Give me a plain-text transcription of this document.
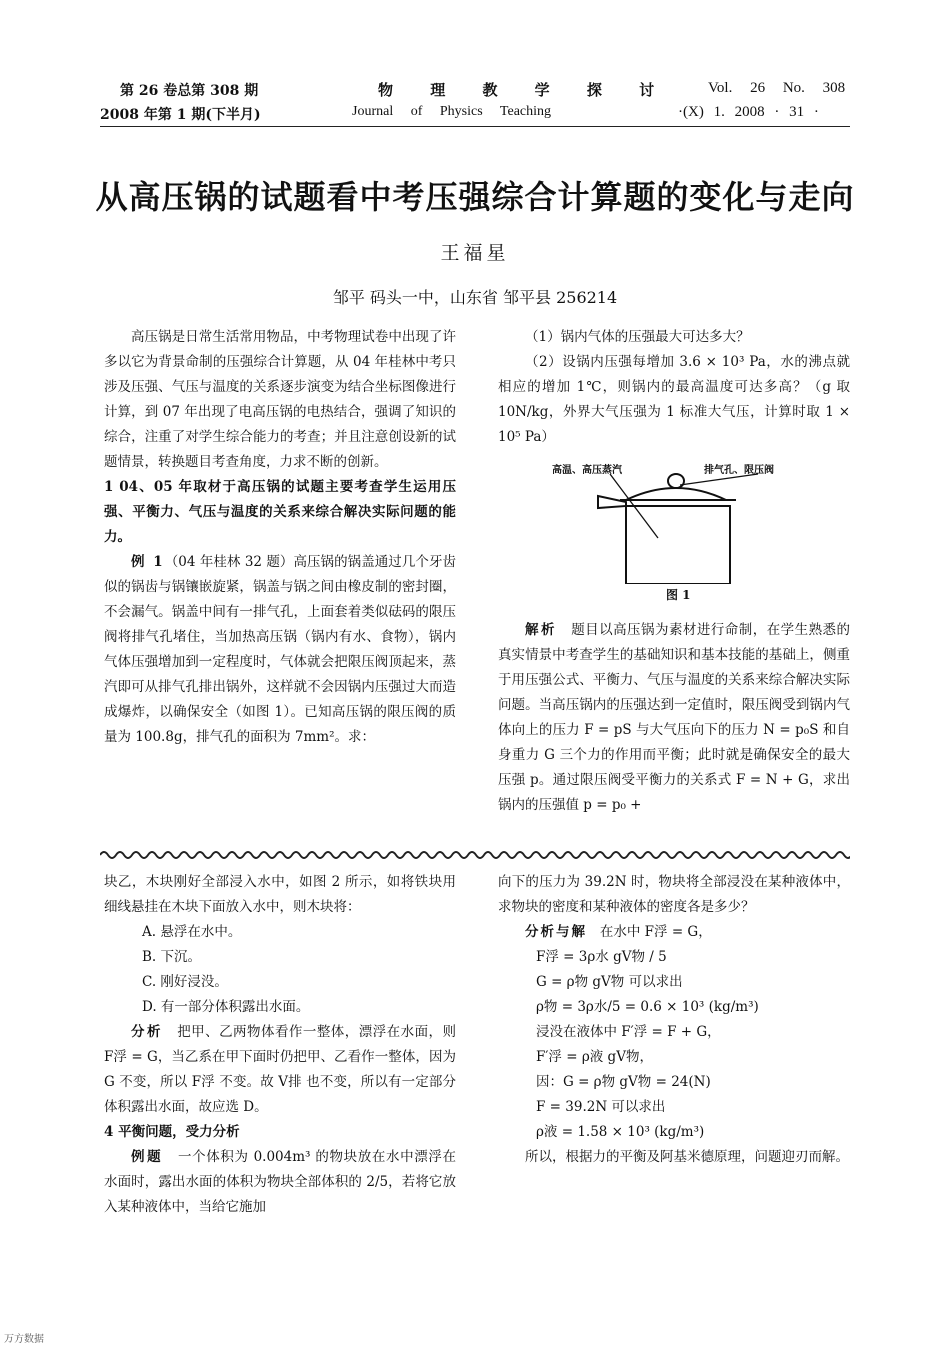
第 26 卷总第 308 期
2008 年第 1 期(下半月)
物 理 教 学 探 讨
Journal of Physics Teaching
Vol. 26 No. 308
·(X) 1. 2008 · 31 ·
从高压锅的试题看中考压强综合计算题的变化与走向
王福星
邹平 码头一中，山东省 邹平县 256214

高压锅是日常生活常用物品，中考物理试卷中出现了许多以它为背景命制的压强综合计算题，从 04 年桂林中考只涉及压强、气压与温度的关系逐步演变为结合坐标图像进行计算，到 07 年出现了电高压锅的电热结合，强调了知识的综合，注重了对学生综合能力的考查；并且注意创设新的试题情景，转换题目考查角度，力求不断的创新。

1 04、05 年取材于高压锅的试题主要考查学生运用压强、平衡力、气压与温度的关系来综合解决实际问题的能力。

例 1（04 年桂林 32 题）高压锅的锅盖通过几个牙齿似的锅齿与锅镶嵌旋紧，锅盖与锅之间由橡皮制的密封圈，不会漏气。锅盖中间有一排气孔，上面套着类似砝码的限压阀将排气孔堵住，当加热高压锅（锅内有水、食物），锅内气体压强增加到一定程度时，气体就会把限压阀顶起来，蒸汽即可从排气孔排出锅外，这样就不会因锅内压强过大而造成爆炸，以确保安全（如图 1）。已知高压锅的限压阀的质量为 100.8g，排气孔的面积为 7mm²。求：

（1）锅内气体的压强最大可达多大？

（2）设锅内压强每增加 3.6 × 10³ Pa，水的沸点就相应的增加 1℃，则锅内的最高温度可达多高？（g 取 10N/kg，外界大气压强为 1 标准大气压，计算时取 1 × 10⁵ Pa）

高温、高压蒸汽	排气孔、限压阀
图 1

解析 题目以高压锅为素材进行命制，在学生熟悉的真实情景中考查学生的基础知识和基本技能的基础上，侧重于用压强公式、平衡力、气压与温度的关系来综合解决实际问题。当高压锅内的压强达到一定值时，限压阀受到锅内气体向上的压力 F = pS 与大气压向下的压力 N = p₀S 和自身重力 G 三个力的作用而平衡；此时就是确保安全的最大压强 p。通过限压阀受平衡力的关系式 F = N + G，求出锅内的压强值 p = p₀ +

块乙，木块刚好全部浸入水中，如图 2 所示，如将铁块用细线悬挂在木块下面放入水中，则木块将：

A. 悬浮在水中。

B. 下沉。

C. 刚好浸没。

D. 有一部分体积露出水面。

分析 把甲、乙两物体看作一整体，漂浮在水面，则 F浮 = G，当乙系在甲下面时仍把甲、乙看作一整体，因为 G 不变，所以 F浮 不变。故 V排 也不变，所以有一定部分体积露出水面，故应选 D。

4 平衡问题，受力分析

例题 一个体积为 0.004m³ 的物块放在水中漂浮在水面时，露出水面的体积为物块全部体积的 2/5，若将它放入某种液体中，当给它施加

向下的压力为 39.2N 时，物块将全部浸没在某种液体中，求物块的密度和某种液体的密度各是多少？

分析与解 在水中 F浮 = G，

F浮 = 3ρ水 gV物 / 5

G = ρ物 gV物 可以求出

ρ物 = 3ρ水/5 = 0.6 × 10³ (kg/m³)

浸没在液体中 F′浮 = F + G，

F′浮 = ρ液 gV物，

因：G = ρ物 gV物 = 24(N)

F = 39.2N 可以求出

ρ液 = 1.58 × 10³ (kg/m³)

所以，根据力的平衡及阿基米德原理，问题迎刃而解。

万方数据
